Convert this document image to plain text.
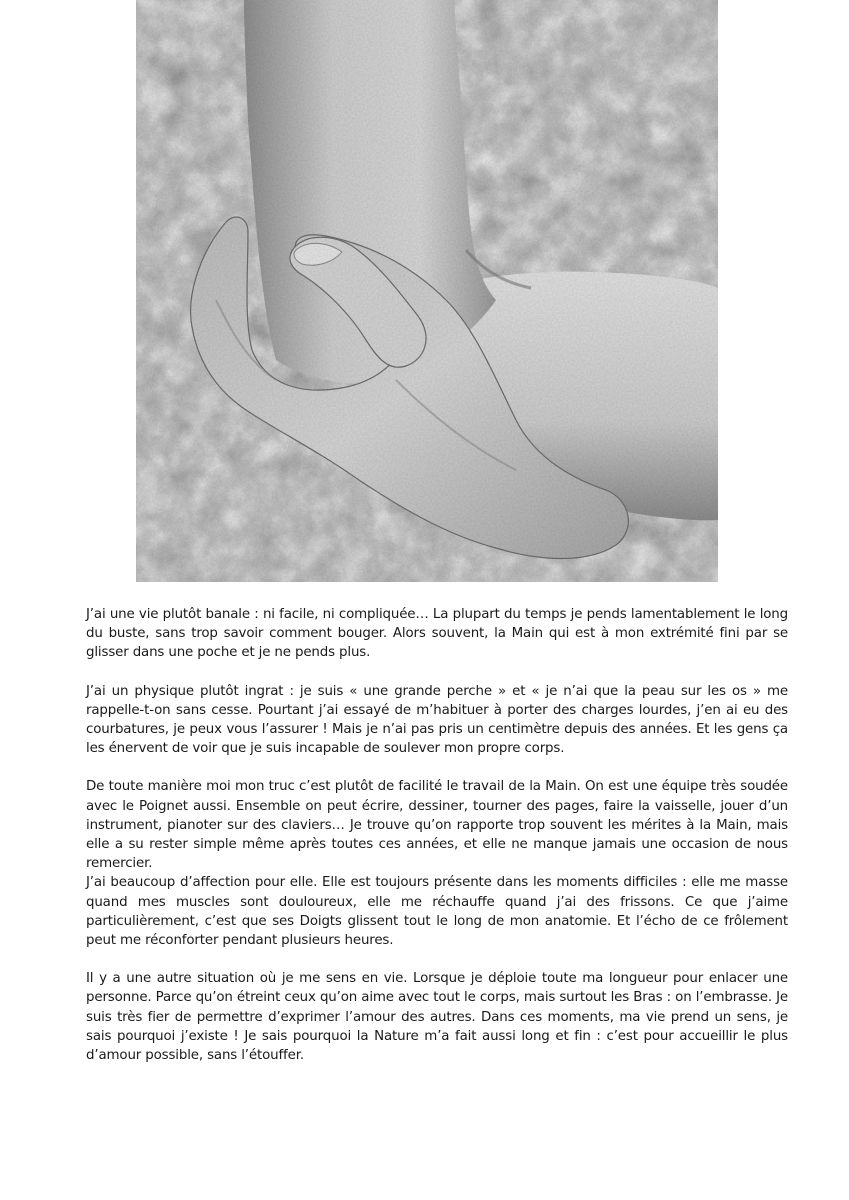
J’ai une vie plutôt banale : ni facile, ni compliquée… La plupart du temps je pends lamentablement le long du buste, sans trop savoir comment bouger. Alors souvent, la Main qui est à mon extrémité fini par se glisser dans une poche et je ne pends plus.

J’ai un physique plutôt ingrat : je suis « une grande perche » et « je n’ai que la peau sur les os » me rappelle-t-on sans cesse. Pourtant j’ai essayé de m’habituer à porter des charges lourdes, j’en ai eu des courbatures, je peux vous l’assurer ! Mais je n’ai pas pris un centimètre depuis des années. Et les gens ça les énervent de voir que je suis incapable de soulever mon propre corps.

De toute manière moi mon truc c’est plutôt de facilité le travail de la Main. On est une équipe très soudée avec le Poignet aussi. Ensemble on peut écrire, dessiner, tourner des pages, faire la vaisselle, jouer d’un instrument, pianoter sur des claviers… Je trouve qu’on rapporte trop souvent les mérites à la Main, mais elle a su rester simple même après toutes ces années, et elle ne manque jamais une occasion de nous remercier.

J’ai beaucoup d’affection pour elle. Elle est toujours présente dans les moments difficiles : elle me masse quand mes muscles sont douloureux, elle me réchauffe quand j’ai des frissons. Ce que j’aime particulièrement, c’est que ses Doigts glissent tout le long de mon anatomie. Et l’écho de ce frôlement peut me réconforter pendant plusieurs heures.

Il y a une autre situation où je me sens en vie. Lorsque je déploie toute ma longueur pour enlacer une personne. Parce qu’on étreint ceux qu’on aime avec tout le corps, mais surtout les Bras : on l’embrasse. Je suis très fier de permettre d’exprimer l’amour des autres. Dans ces moments, ma vie prend un sens, je sais pourquoi j’existe ! Je sais pourquoi la Nature m’a fait aussi long et fin : c’est pour accueillir le plus d’amour possible, sans l’étouffer.
